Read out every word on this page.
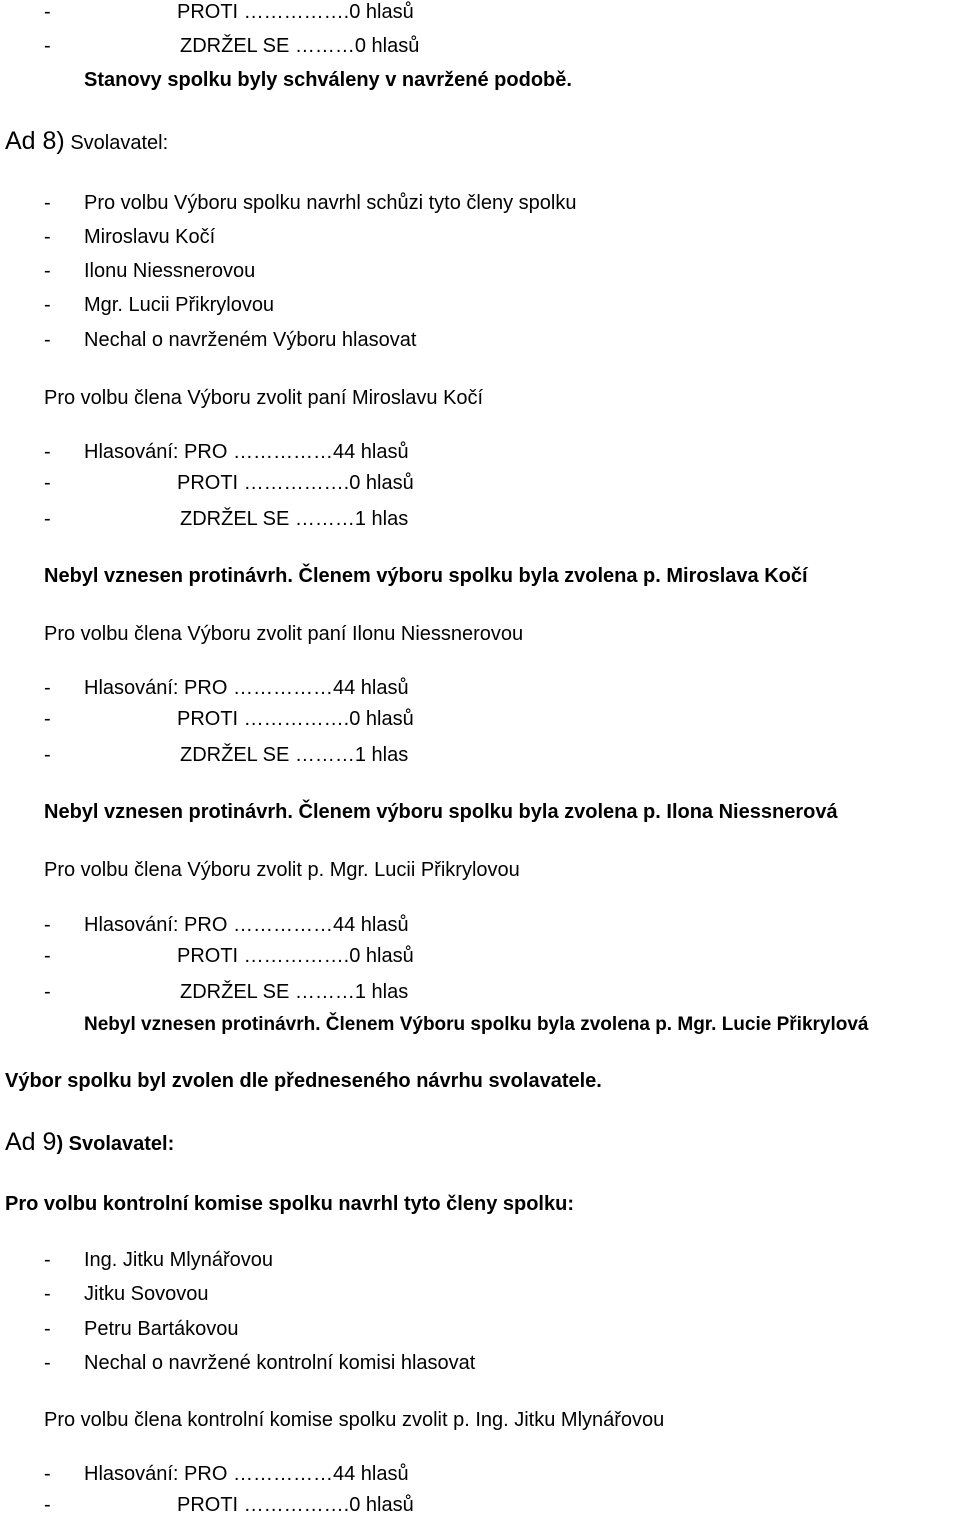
-	PROTI …………….0 hlasů
-	ZDRŽEL SE ………0 hlasů
Stanovy spolku byly schváleny v navržené podobě.
Ad 8) Svolavatel:
- Pro volbu Výboru spolku navrhl schůzi tyto členy spolku
- Miroslavu Kočí
- Ilonu Niessnerovou
- Mgr. Lucii Přikrylovou
- Nechal o navrženém Výboru hlasovat
Pro volbu člena Výboru zvolit paní Miroslavu Kočí
- Hlasování: PRO ……………44 hlasů
-	PROTI …………….0 hlasů
-	ZDRŽEL SE ………1 hlas
Nebyl vznesen protinávrh. Členem výboru spolku byla zvolena p. Miroslava Kočí
Pro volbu člena Výboru zvolit paní Ilonu Niessnerovou
- Hlasování: PRO ……………44 hlasů
-	PROTI …………….0 hlasů
-	ZDRŽEL SE ………1 hlas
Nebyl vznesen protinávrh. Členem výboru spolku byla zvolena p. Ilona Niessnerová
Pro volbu člena Výboru zvolit p. Mgr. Lucii Přikrylovou
- Hlasování: PRO ……………44 hlasů
-	PROTI …………….0 hlasů
-	ZDRŽEL SE ………1 hlas
Nebyl vznesen protinávrh. Členem Výboru spolku byla zvolena p. Mgr. Lucie Přikrylová
Výbor spolku byl zvolen dle předneseného návrhu svolavatele.
Ad 9) Svolavatel:
Pro volbu kontrolní komise spolku navrhl tyto členy spolku:
- Ing. Jitku Mlynářovou
- Jitku Sovovou
- Petru Bartákovou
- Nechal o navržené kontrolní komisi hlasovat
Pro volbu člena kontrolní komise spolku zvolit p. Ing. Jitku Mlynářovou
- Hlasování: PRO ……………44 hlasů
-	PROTI …………….0 hlasů
